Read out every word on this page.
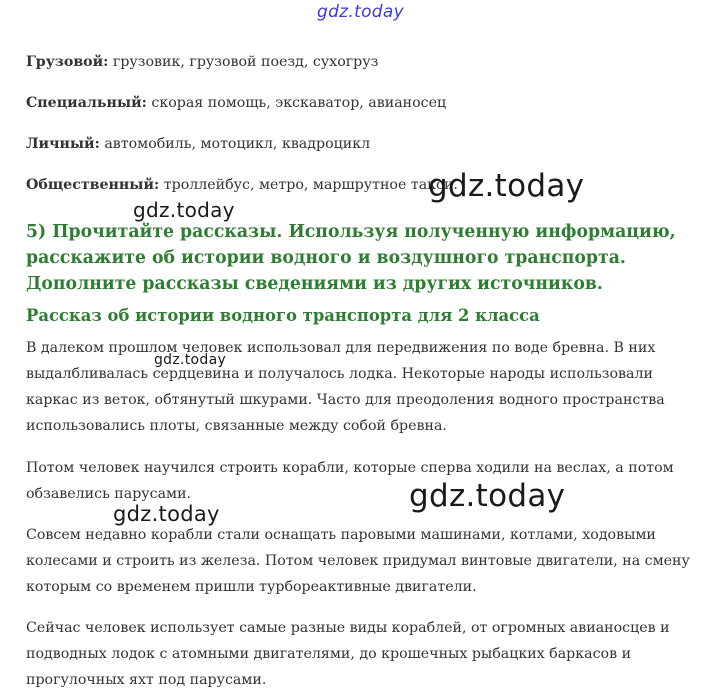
gdz.today
Грузовой: грузовик, грузовой поезд, сухогруз
Специальный: скорая помощь, экскаватор, авианосец
Личный: автомобиль, мотоцикл, квадроцикл
Общественный: троллейбус, метро, маршрутное такси.
5) Прочитайте рассказы. Используя полученную информацию, расскажите об истории водного и воздушного транспорта. Дополните рассказы сведениями из других источников.
Рассказ об истории водного транспорта для 2 класса

В далеком прошлом человек использовал для передвижения по воде бревна. В них выдалбливалась сердцевина и получалось лодка. Некоторые народы использовали каркас из веток, обтянутый шкурами. Часто для преодоления водного пространства использовались плоты, связанные между собой бревна.

Потом человек научился строить корабли, которые сперва ходили на веслах, а потом обзавелись парусами.

Совсем недавно корабли стали оснащать паровыми машинами, котлами, ходовыми колесами и строить из железа. Потом человек придумал винтовые двигатели, на смену которым со временем пришли турбореактивные двигатели.

Сейчас человек использует самые разные виды кораблей, от огромных авианосцев и подводных лодок с атомными двигателями, до крошечных рыбацких баркасов и прогулочных яхт под парусами.

gdz.today
gdz.today
gdz.today
gdz.today
gdz.today
